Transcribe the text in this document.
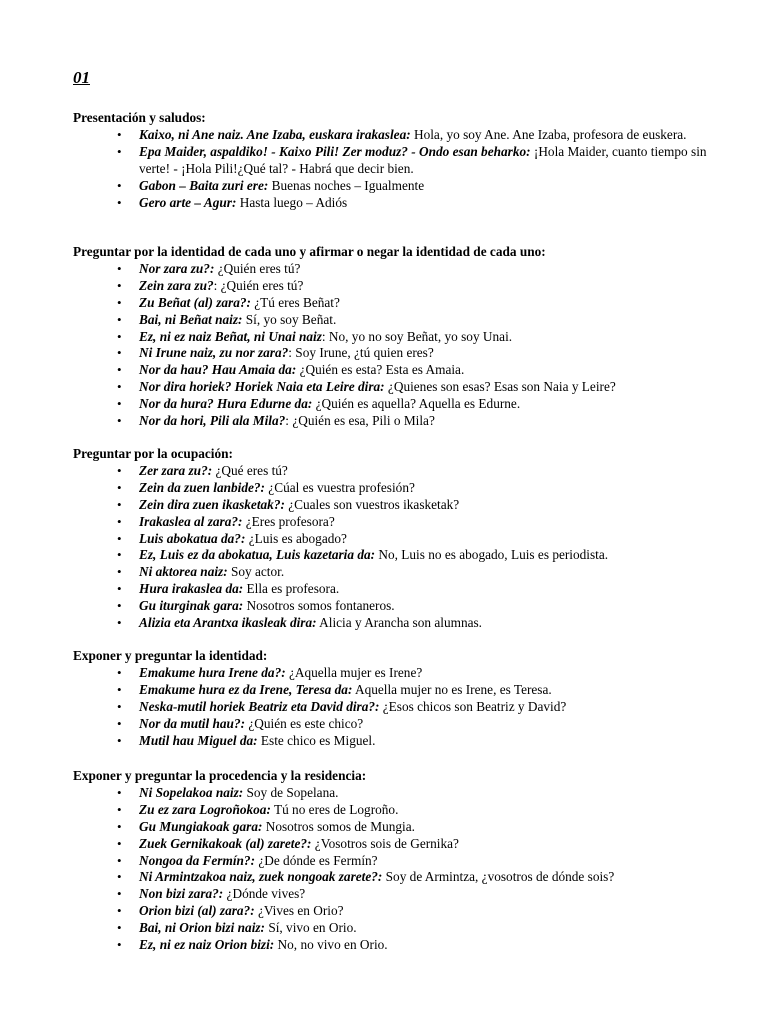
01

Presentación y saludos:

• Kaixo, ni Ane naiz. Ane Izaba, euskara irakaslea: Hola, yo soy Ane. Ane Izaba, profesora de euskera.
• Epa Maider, aspaldiko! - Kaixo Pili! Zer moduz? - Ondo esan beharko: ¡Hola Maider, cuanto tiempo sin verte! - ¡Hola Pili!¿Qué tal? - Habrá que decir bien.
• Gabon – Baita zuri ere: Buenas noches – Igualmente
• Gero arte – Agur: Hasta luego – Adiós

Preguntar por la identidad de cada uno y afirmar o negar la identidad de cada uno:

• Nor zara zu?: ¿Quién eres tú?
• Zein zara zu?: ¿Quién eres tú?
• Zu Beñat (al) zara?: ¿Tú eres Beñat?
• Bai, ni Beñat naiz: Sí, yo soy Beñat.
• Ez, ni ez naiz Beñat, ni Unai naiz: No, yo no soy Beñat, yo soy Unai.
• Ni Irune naiz, zu nor zara?: Soy Irune, ¿tú quien eres?
• Nor da hau? Hau Amaia da: ¿Quién es esta? Esta es Amaia.
• Nor dira horiek? Horiek Naia eta Leire dira: ¿Quienes son esas? Esas son Naia y Leire?
• Nor da hura? Hura Edurne da: ¿Quién es aquella? Aquella es Edurne.
• Nor da hori, Pili ala Mila?: ¿Quién es esa, Pili o Mila?

Preguntar por la ocupación:

• Zer zara zu?: ¿Qué eres tú?
• Zein da zuen lanbide?: ¿Cúal es vuestra profesión?
• Zein dira zuen ikasketak?: ¿Cuales son vuestros ikasketak?
• Irakaslea al zara?: ¿Eres profesora?
• Luis abokatua da?: ¿Luis es abogado?
• Ez, Luis ez da abokatua, Luis kazetaria da: No, Luis no es abogado, Luis es periodista.
• Ni aktorea naiz: Soy actor.
• Hura irakaslea da: Ella es profesora.
• Gu iturginak gara: Nosotros somos fontaneros.
• Alizia eta Arantxa ikasleak dira: Alicia y Arancha son alumnas.

Exponer y preguntar la identidad:

• Emakume hura Irene da?: ¿Aquella mujer es Irene?
• Emakume hura ez da Irene, Teresa da: Aquella mujer no es Irene, es Teresa.
• Neska-mutil horiek Beatriz eta David dira?: ¿Esos chicos son Beatriz y David?
• Nor da mutil hau?: ¿Quién es este chico?
• Mutil hau Miguel da: Este chico es Miguel.

Exponer y preguntar la procedencia y la residencia:

• Ni Sopelakoa naiz: Soy de Sopelana.
• Zu ez zara Logroñokoa: Tú no eres de Logroño.
• Gu Mungiakoak gara: Nosotros somos de Mungia.
• Zuek Gernikakoak (al) zarete?: ¿Vosotros sois de Gernika?
• Nongoa da Fermín?: ¿De dónde es Fermín?
• Ni Armintzakoa naiz, zuek nongoak zarete?: Soy de Armintza, ¿vosotros de dónde sois?
• Non bizi zara?: ¿Dónde vives?
• Orion bizi (al) zara?: ¿Vives en Orio?
• Bai, ni Orion bizi naiz: Sí, vivo en Orio.
• Ez, ni ez naiz Orion bizi: No, no vivo en Orio.
